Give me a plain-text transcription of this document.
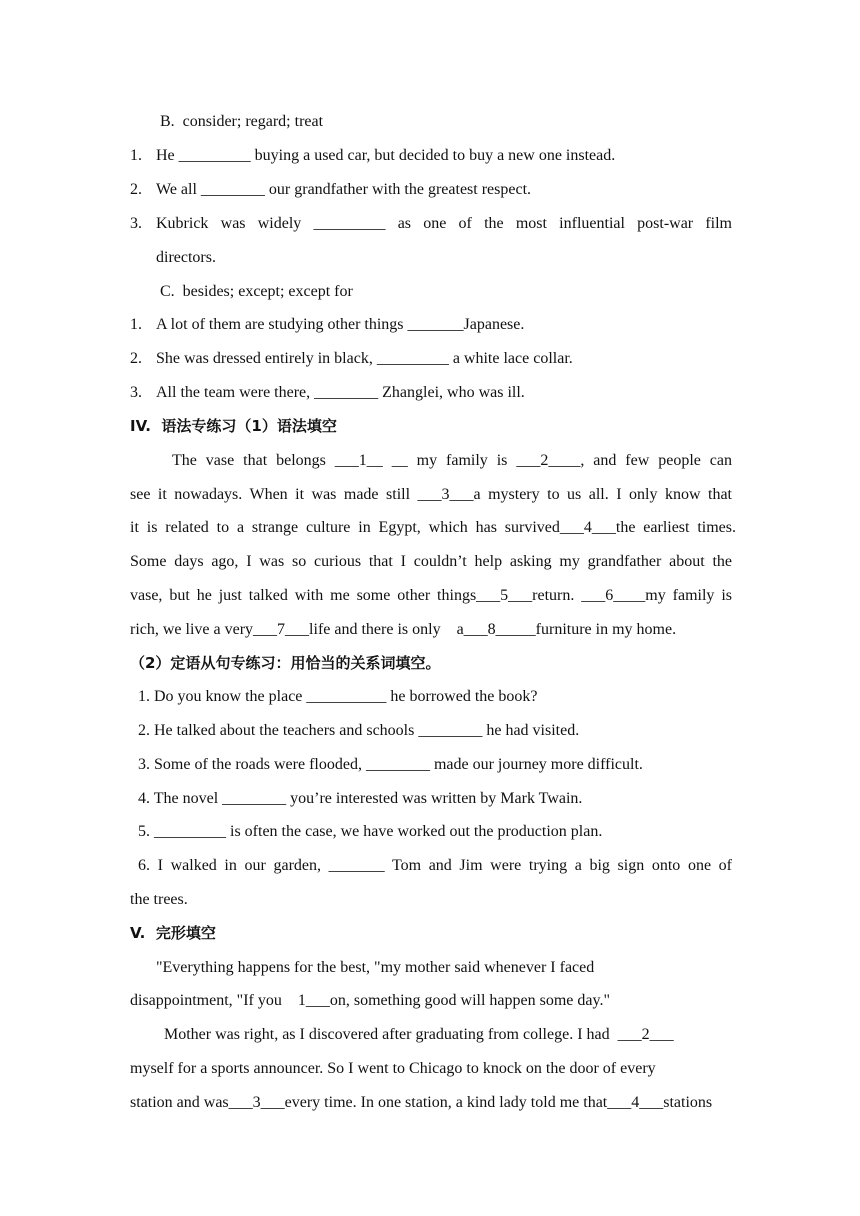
B.  consider; regard; treat
1. He _________ buying a used car, but decided to buy a new one instead.
2. We all ________ our grandfather with the greatest respect.
3. Kubrick was widely _________ as one of the most influential post-war film
directors.
C.  besides; except; except for
1. A lot of them are studying other things _______Japanese.
2. She was dressed entirely in black, _________ a white lace collar.
3. All the team were there, ________ Zhanglei, who was ill.
IV.  语法专练习（1）语法填空
The vase that belongs ___1__ __ my family is ___2____, and few people can
see it nowadays. When it was made still ___3___a mystery to us all. I only know that
it is related to a strange culture in Egypt, which has survived___4___the earliest times.
Some days ago, I was so curious that I couldn’t help asking my grandfather about the
vase, but he just talked with me some other things___5___return. ___6____my family is
rich, we live a very___7___life and there is only    a___8_____furniture in my home.
（2）定语从句专练习：用恰当的关系词填空。
1. Do you know the place __________ he borrowed the book?
2. He talked about the teachers and schools ________ he had visited.
3. Some of the roads were flooded, ________ made our journey more difficult.
4. The novel ________ you’re interested was written by Mark Twain.
5. _________ is often the case, we have worked out the production plan.
6. I walked in our garden, _______ Tom and Jim were trying a big sign onto one of
the trees.
V.  完形填空
"Everything happens for the best, "my mother said whenever I faced
disappointment, "If you    1___on, something good will happen some day."
Mother was right, as I discovered after graduating from college. I had  ___2___
myself for a sports announcer. So I went to Chicago to knock on the door of every
station and was___3___every time. In one station, a kind lady told me that___4___stations
